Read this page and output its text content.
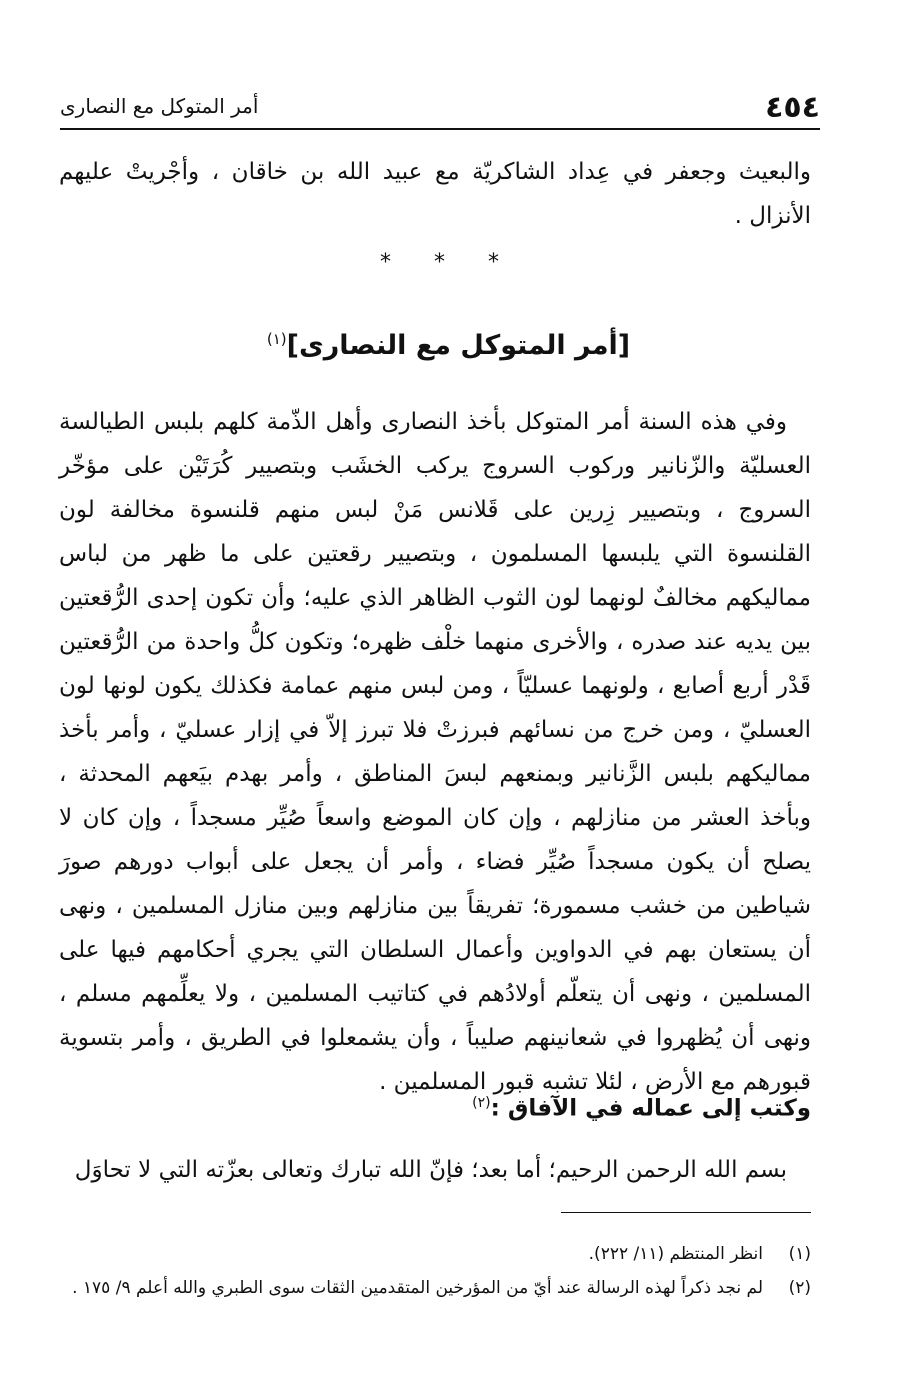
٤٥٤
أمر المتوكل مع النصارى
والبعيث وجعفر في عِداد الشاكريّة مع عبيد الله بن خاقان ، وأجْريتْ عليهم الأنزال .
* * *
[أمر المتوكل مع النصارى]$^{(١)}$
وفي هذه السنة أمر المتوكل بأخذ النصارى وأهل الذّمة كلهم بلبس الطيالسة العسليّة والزّنانير وركوب السروج يركب الخشَب وبتصيير كُرَتَيْن على مؤخّر السروج ، وبتصيير زِرين على قَلانس مَنْ لبس منهم قلنسوة مخالفة لون القلنسوة التي يلبسها المسلمون ، وبتصيير رقعتين على ما ظهر من لباس مماليكهم مخالفٌ لونهما لون الثوب الظاهر الذي عليه؛ وأن تكون إحدى الرُّقعتين بين يديه عند صدره ، والأخرى منهما خلْف ظهره؛ وتكون كلُّ واحدة من الرُّقعتين قَدْر أربع أصابع ، ولونهما عسليّاً ، ومن لبس منهم عمامة فكذلك يكون لونها لون العسليّ ، ومن خرج من نسائهم فبرزتْ فلا تبرز إلاّ في إزار عسليّ ، وأمر بأخذ مماليكهم بلبس الزَّنانير وبمنعهم لبسَ المناطق ، وأمر بهدم بيَعهم المحدثة ، وبأخذ العشر من منازلهم ، وإن كان الموضع واسعاً صُيِّر مسجداً ، وإن كان لا يصلح أن يكون مسجداً صُيِّر فضاء ، وأمر أن يجعل على أبواب دورهم صورَ شياطين من خشب مسمورة؛ تفريقاً بين منازلهم وبين منازل المسلمين ، ونهى أن يستعان بهم في الدواوين وأعمال السلطان التي يجري أحكامهم فيها على المسلمين ، ونهى أن يتعلّم أولادُهم في كتاتيب المسلمين ، ولا يعلِّمهم مسلم ، ونهى أن يُظهروا في شعانينهم صليباً ، وأن يشمعلوا في الطريق ، وأمر بتسوية قبورهم مع الأرض ، لئلا تشبه قبور المسلمين .
وكتب إلى عماله في الآفاق :$^{(٢)}$
بسم الله الرحمن الرحيم؛ أما بعد؛ فإنّ الله تبارك وتعالى بعزّته التي لا تحاوَل
(١)
انظر المنتظم (١١/ ٢٢٢).
(٢)
لم نجد ذكراً لهذه الرسالة عند أيّ من المؤرخين المتقدمين الثقات سوى الطبري والله أعلم ٩/ ١٧٥ .
